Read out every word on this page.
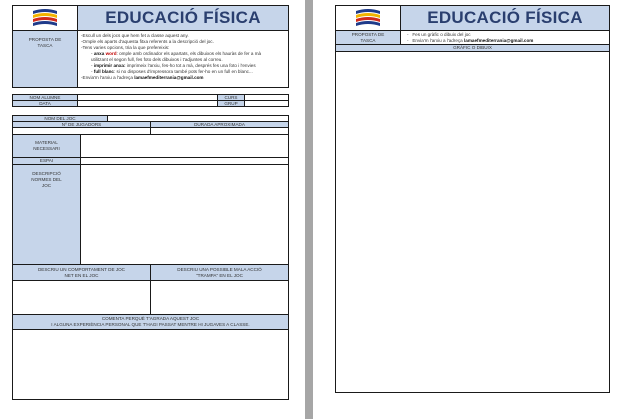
EDUCACIÓ FÍSICA
PROPOSTA DE TASCA
-Escull un dels jocs que hem fet a classe aquest any.
-Omple els aparts d'aquesta fitxa referents a la descripció del joc.
-Tens varies opcions, tria la que prefereixis:
- anxa word: omple amb ordinador els apartats, els dibuixos els hauràs de fer a mà
utilitzant el segon full, fes foto dels dibuixos i t'adjuntes al correu.
- imprimir anxa: imprimeix l'arxiu, fes-ho tot a mà, després fes una foto i l'envies
- full blanc: si no disposes d'impressora també pots fer-ho en un full en blanc...
-Envia'm l'arxiu a l'adreça lamaefmediterrania@gmail.com
NOM ALUMNE	CURS
DATA	GRUP
NOM DEL JOC
Nº DE JUGADORS	DURADA APROXIMADA
MATERIAL NECESSARI
ESPAI
DESCRIPCIÓ NORMES DEL JOC
DESCRIU UN COMPORTAMENT DE JOC NET EN EL JOC
DESCRIU UNA POSSIBLE MALA ACCIÓ "TRAMPA" EN EL JOC
COMENTA PERQUÈ T'AGRADA AQUEST JOC
I ALGUNA EXPERIÈNCIA PERSONAL QUE T'HAGI PASSAT MENTRE HI JUGAVES A CLASSE.
EDUCACIÓ FÍSICA
PROPOSTA DE TASCA
-   Fes un gràfic o dibuix del joc
-   Envia'm l'arxiu a l'adreça lamaefmediterrania@gmail.com
GRÀFIC O DIBUIX
